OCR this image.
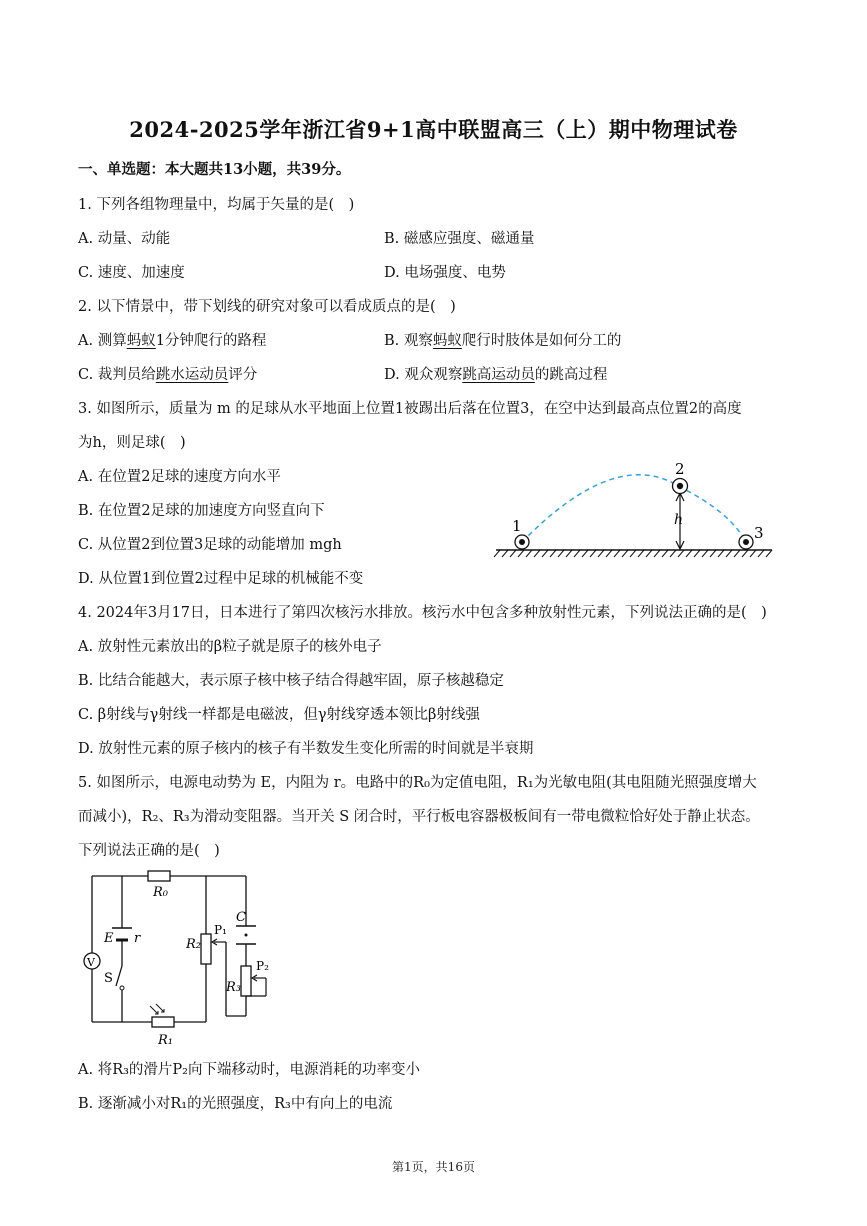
2024-2025学年浙江省9+1高中联盟高三（上）期中物理试卷
一、单选题：本大题共13小题，共39分。
1. 下列各组物理量中，均属于矢量的是(　)
A. 动量、动能	B. 磁感应强度、磁通量
C. 速度、加速度	D. 电场强度、电势
2. 以下情景中，带下划线的研究对象可以看成质点的是(　)
A. 测算蚂蚁1分钟爬行的路程	B. 观察蚂蚁爬行时肢体是如何分工的
C. 裁判员给跳水运动员评分	D. 观众观察跳高运动员的跳高过程
3. 如图所示，质量为 m 的足球从水平地面上位置1被踢出后落在位置3，在空中达到最高点位置2的高度
为h，则足球(　)
A. 在位置2足球的速度方向水平
B. 在位置2足球的加速度方向竖直向下
C. 从位置2到位置3足球的动能增加 mgh
D. 从位置1到位置2过程中足球的机械能不变
1
2
3
h
4. 2024年3月17日，日本进行了第四次核污水排放。核污水中包含多种放射性元素，下列说法正确的是(　)
A. 放射性元素放出的β粒子就是原子的核外电子
B. 比结合能越大，表示原子核中核子结合得越牢固，原子核越稳定
C. β射线与γ射线一样都是电磁波，但γ射线穿透本领比β射线强
D. 放射性元素的原子核内的核子有半数发生变化所需的时间就是半衰期
5. 如图所示，电源电动势为 E，内阻为 r。电路中的R₀为定值电阻，R₁为光敏电阻(其电阻随光照强度增大
而减小)，R₂、R₃为滑动变阻器。当开关 S 闭合时，平行板电容器极板间有一带电微粒恰好处于静止状态。
下列说法正确的是(　)
V
R₀
R₂
P₁
C
R₃
P₂
R₁
E r
S
A. 将R₃的滑片P₂向下端移动时，电源消耗的功率变小
B. 逐渐减小对R₁的光照强度，R₃中有向上的电流
第1页，共16页
